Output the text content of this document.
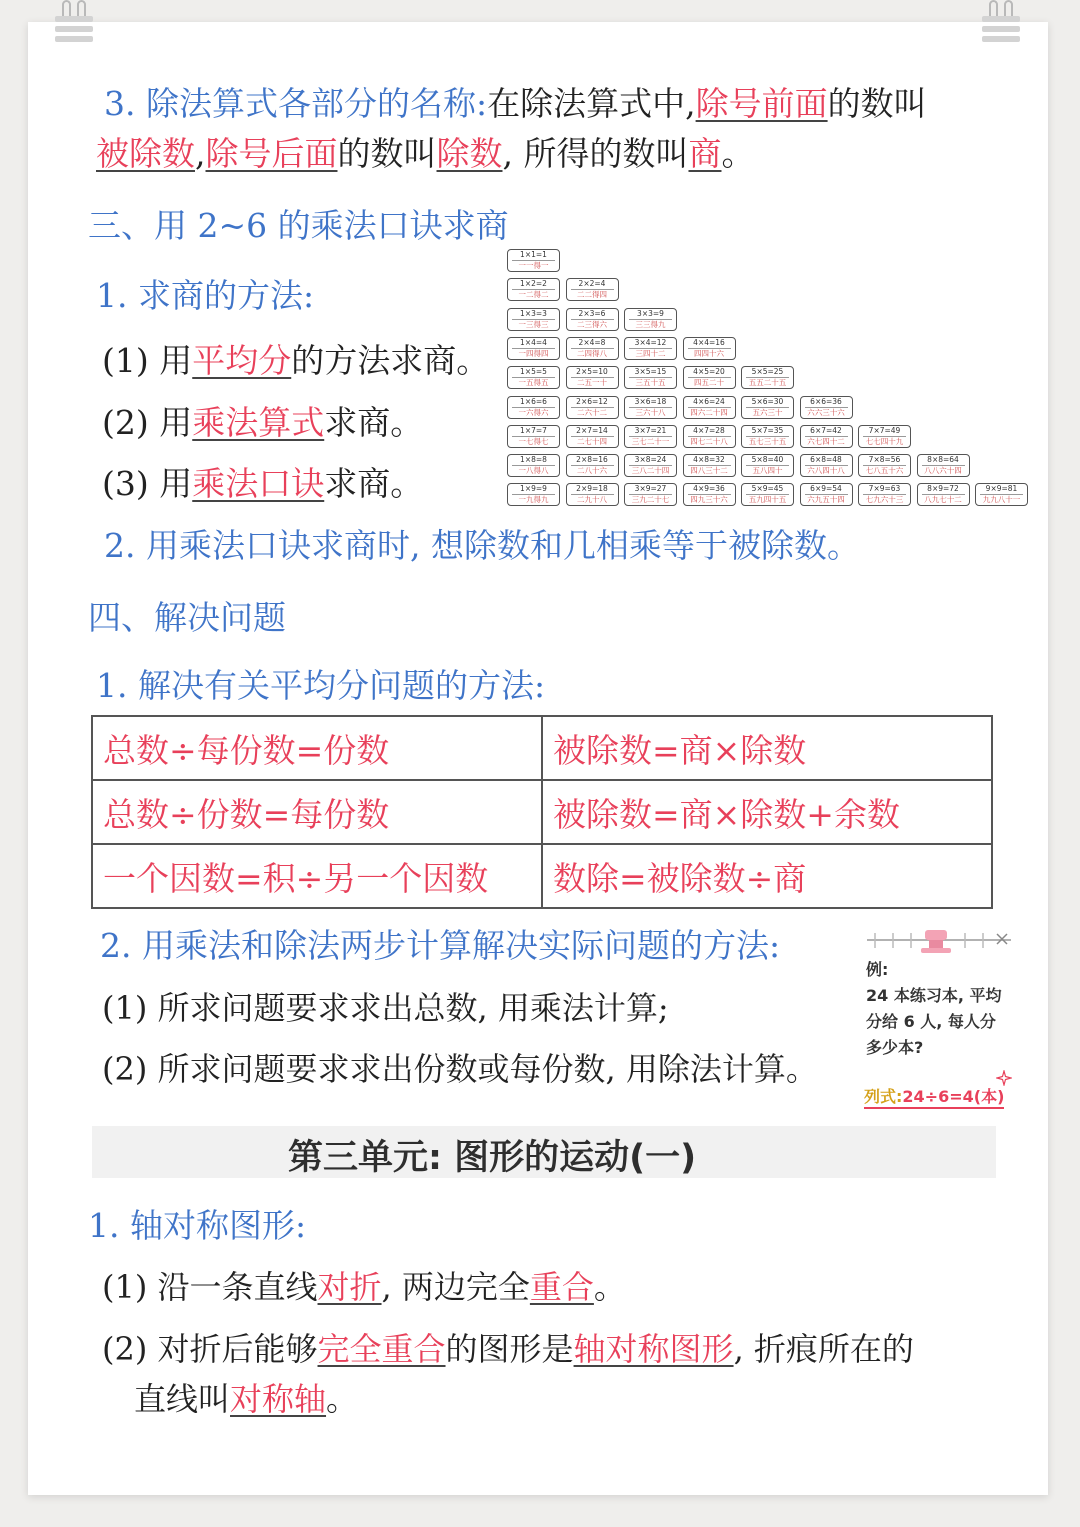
3. 除法算式各部分的名称:在除法算式中,除号前面的数叫
被除数,除号后面的数叫除数, 所得的数叫商。
三、用 2~6 的乘法口诀求商
1. 求商的方法:
(1) 用平均分的方法求商。
(2) 用乘法算式求商。
(3) 用乘法口诀求商。
2. 用乘法口诀求商时, 想除数和几相乘等于被除数。
1×1=1
一一得一
1×2=2
一二得二
2×2=4
二二得四
1×3=3
一三得三
2×3=6
二三得六
3×3=9
三三得九
1×4=4
一四得四
2×4=8
二四得八
3×4=12
三四十二
4×4=16
四四十六
1×5=5
一五得五
2×5=10
二五一十
3×5=15
三五十五
4×5=20
四五二十
5×5=25
五五二十五
1×6=6
一六得六
2×6=12
二六十二
3×6=18
三六十八
4×6=24
四六二十四
5×6=30
五六三十
6×6=36
六六三十六
1×7=7
一七得七
2×7=14
二七十四
3×7=21
三七二十一
4×7=28
四七二十八
5×7=35
五七三十五
6×7=42
六七四十二
7×7=49
七七四十九
1×8=8
一八得八
2×8=16
二八十六
3×8=24
三八二十四
4×8=32
四八三十二
5×8=40
五八四十
6×8=48
六八四十八
7×8=56
七八五十六
8×8=64
八八六十四
1×9=9
一九得九
2×9=18
二九十八
3×9=27
三九二十七
4×9=36
四九三十六
5×9=45
五九四十五
6×9=54
六九五十四
7×9=63
七九六十三
8×9=72
八九七十二
9×9=81
九九八十一
四、解决问题
1. 解决有关平均分问题的方法:
总数÷每份数=份数	被除数=商×除数
总数÷份数=每份数	被除数=商×除数+余数
一个因数=积÷另一个因数	数除=被除数÷商
2. 用乘法和除法两步计算解决实际问题的方法:
(1) 所求问题要求求出总数, 用乘法计算;
(2) 所求问题要求求出份数或每份数, 用除法计算。
例:
24 本练习本, 平均
分给 6 人, 每人分
多少本?
列式:24÷6=4(本)
第三单元: 图形的运动(一)
1. 轴对称图形:
(1) 沿一条直线对折, 两边完全重合。
(2) 对折后能够完全重合的图形是轴对称图形, 折痕所在的
直线叫对称轴。
